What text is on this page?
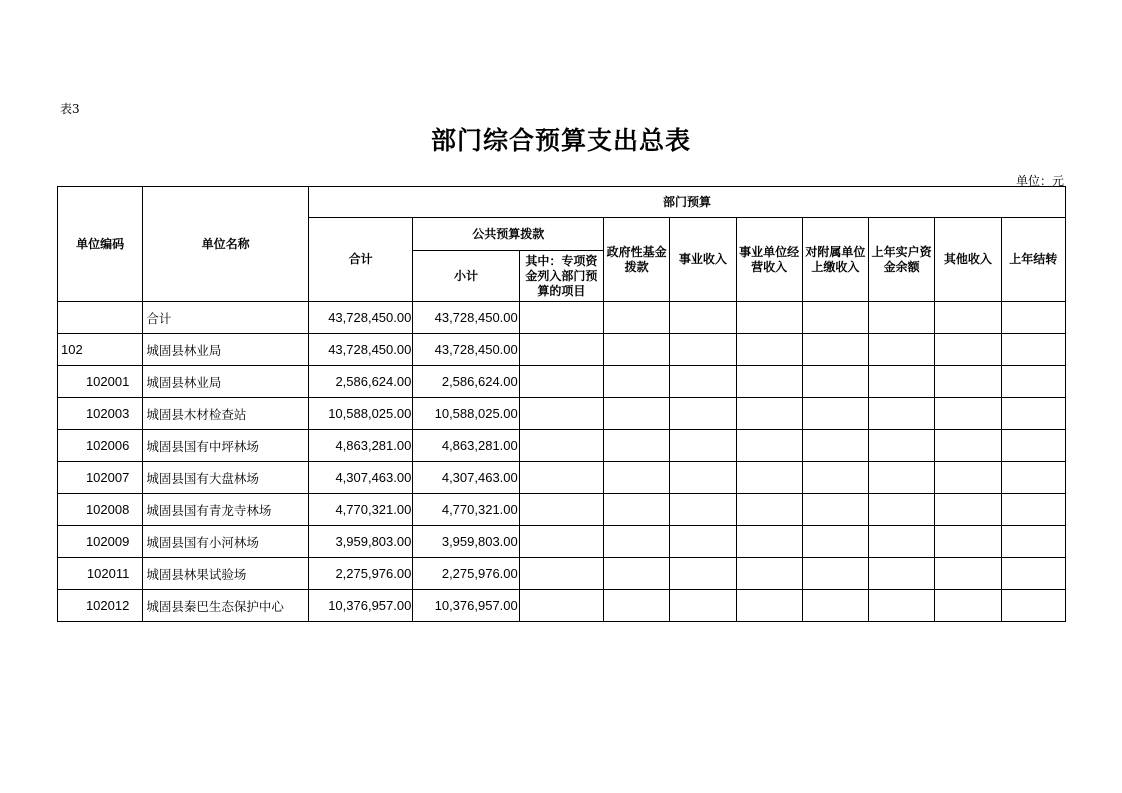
表3
部门综合预算支出总表
单位：元
单位编码	单位名称	部门预算									
		合计	公共预算拨款		政府性基金拨款	事业收入	事业单位经营收入	对附属单位上缴收入	上年实户资金余额	其他收入	上年结转
			小计	其中：专项资金列入部门预算的项目							
	合计	43,728,450.00	43,728,450.00								
102	城固县林业局	43,728,450.00	43,728,450.00								
102001	城固县林业局	2,586,624.00	2,586,624.00								
102003	城固县木材检查站	10,588,025.00	10,588,025.00								
102006	城固县国有中坪林场	4,863,281.00	4,863,281.00								
102007	城固县国有大盘林场	4,307,463.00	4,307,463.00								
102008	城固县国有青龙寺林场	4,770,321.00	4,770,321.00								
102009	城固县国有小河林场	3,959,803.00	3,959,803.00								
102011	城固县林果试验场	2,275,976.00	2,275,976.00								
102012	城固县秦巴生态保护中心	10,376,957.00	10,376,957.00								
